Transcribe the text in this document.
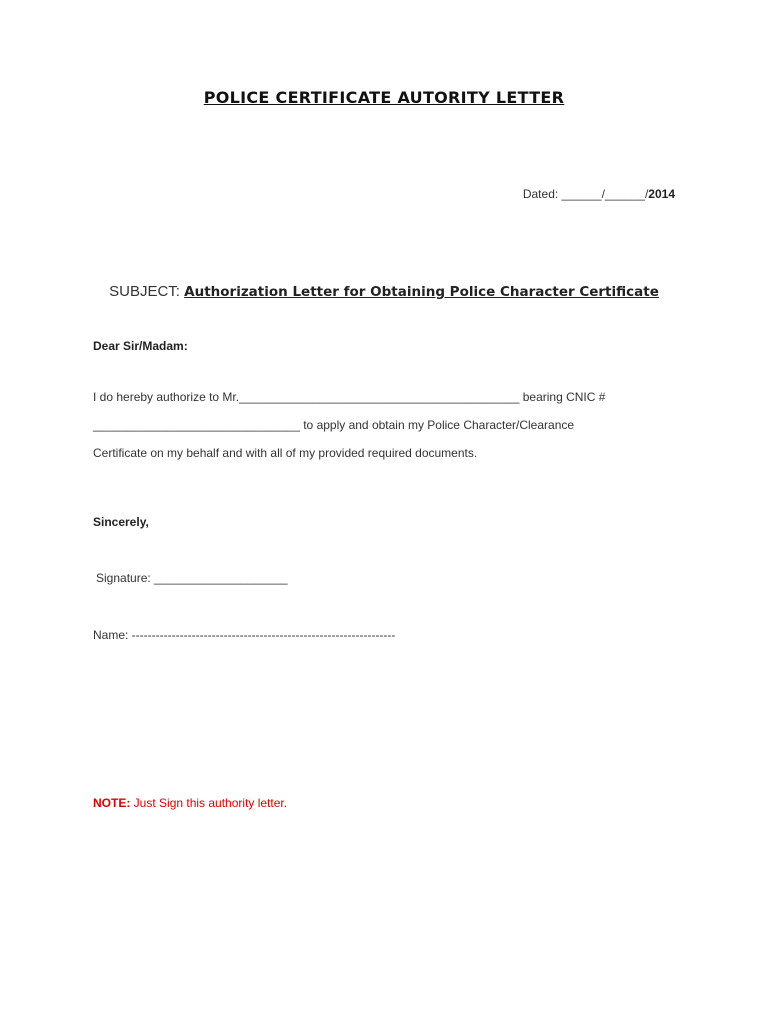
POLICE CERTIFICATE AUTORITY LETTER
Dated: ______/______/2014
SUBJECT: Authorization Letter for Obtaining Police Character Certificate
Dear Sir/Madam:
I do hereby authorize to Mr.__________________________________________ bearing CNIC #
_______________________________ to apply and obtain my Police Character/Clearance
Certificate on my behalf and with all of my provided required documents.
Sincerely,
Signature: ____________________
Name: ------------------------------------------------------------------
NOTE: Just Sign this authority letter.
